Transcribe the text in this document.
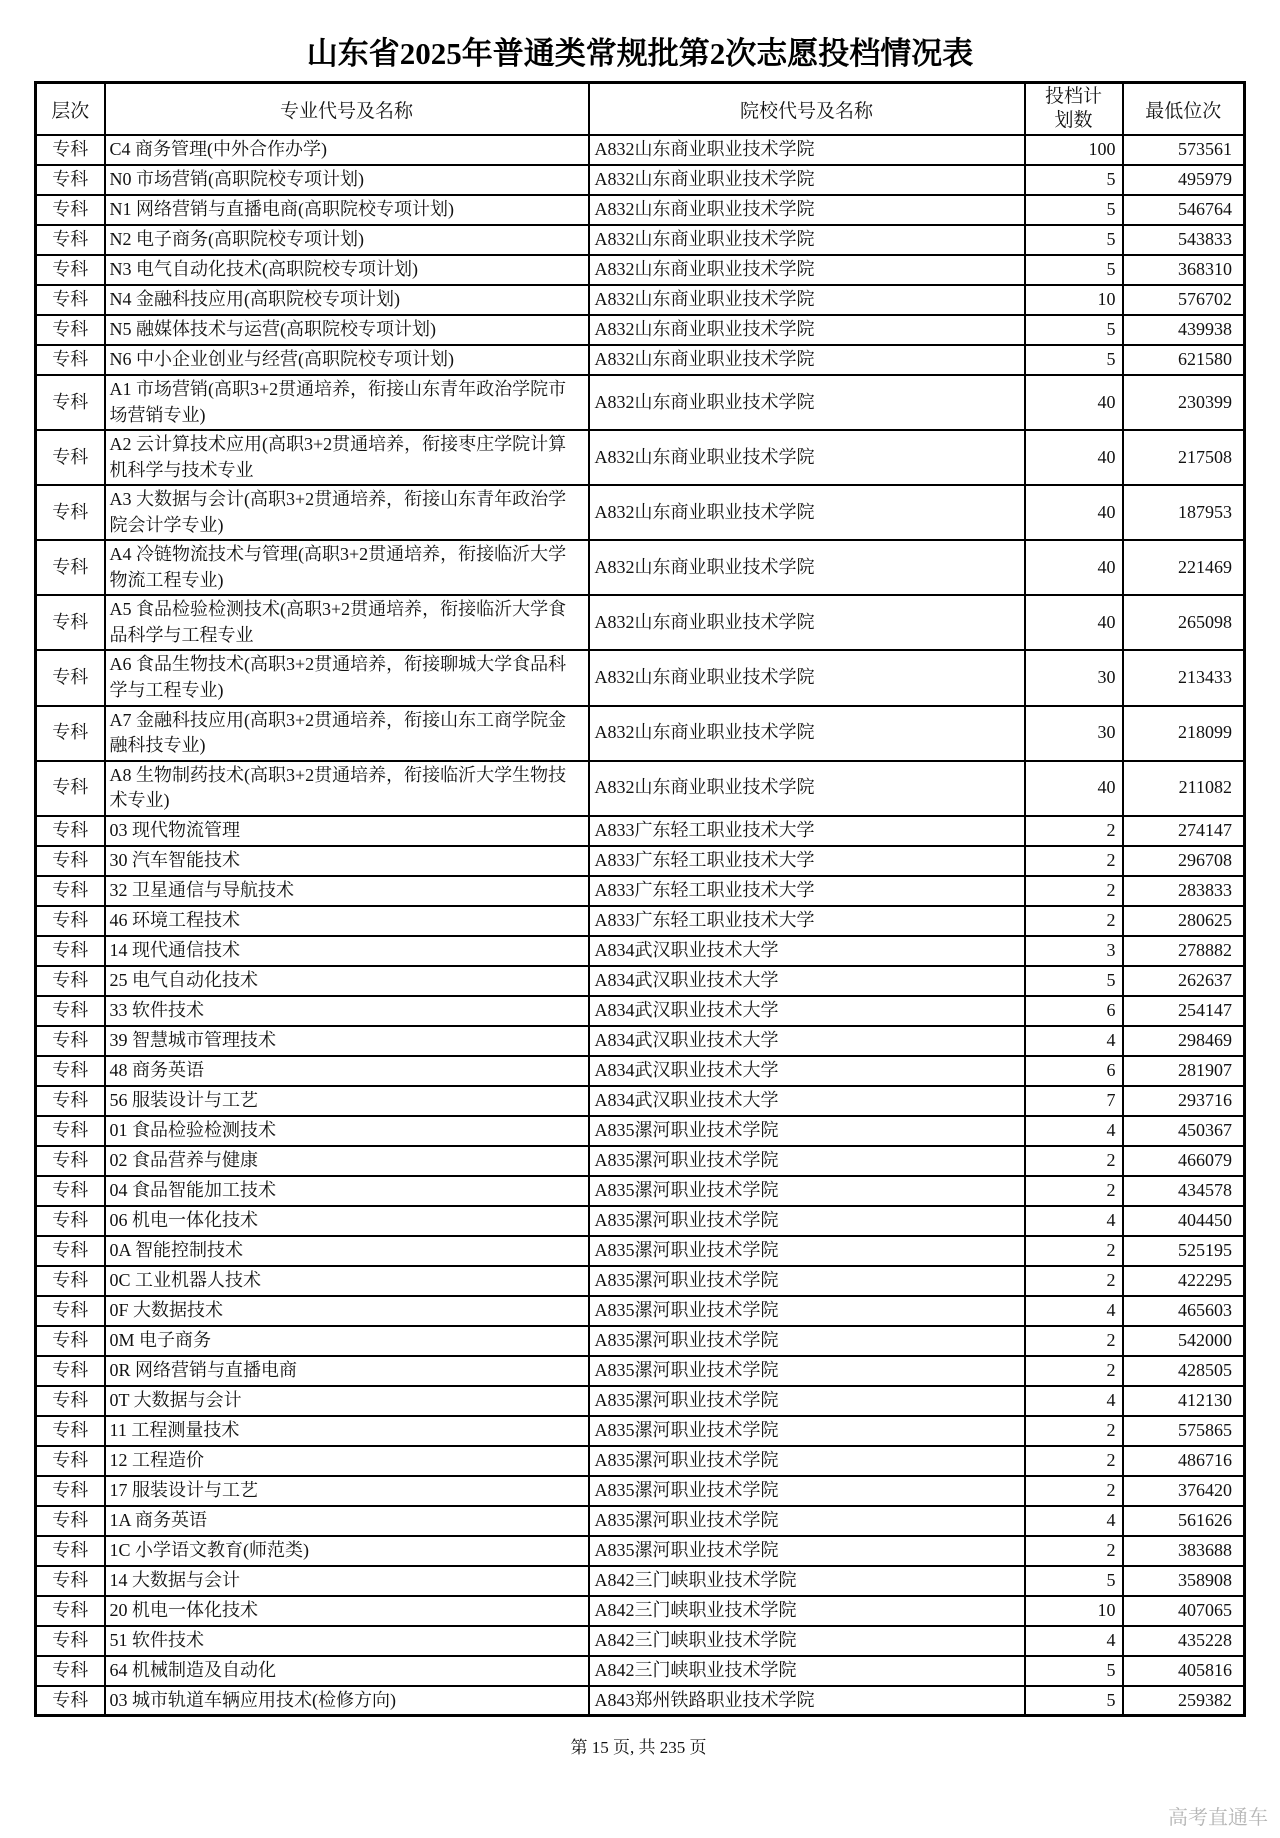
山东省2025年普通类常规批第2次志愿投档情况表
层次	专业代号及名称	院校代号及名称	投档计划数	最低位次
专科	C4 商务管理(中外合作办学)	A832山东商业职业技术学院	100	573561
专科	N0 市场营销(高职院校专项计划)	A832山东商业职业技术学院	5	495979
专科	N1 网络营销与直播电商(高职院校专项计划)	A832山东商业职业技术学院	5	546764
专科	N2 电子商务(高职院校专项计划)	A832山东商业职业技术学院	5	543833
专科	N3 电气自动化技术(高职院校专项计划)	A832山东商业职业技术学院	5	368310
专科	N4 金融科技应用(高职院校专项计划)	A832山东商业职业技术学院	10	576702
专科	N5 融媒体技术与运营(高职院校专项计划)	A832山东商业职业技术学院	5	439938
专科	N6 中小企业创业与经营(高职院校专项计划)	A832山东商业职业技术学院	5	621580
专科	A1 市场营销(高职3+2贯通培养，衔接山东青年政治学院市场营销专业)	A832山东商业职业技术学院	40	230399
专科	A2 云计算技术应用(高职3+2贯通培养，衔接枣庄学院计算机科学与技术专业	A832山东商业职业技术学院	40	217508
专科	A3 大数据与会计(高职3+2贯通培养，衔接山东青年政治学院会计学专业)	A832山东商业职业技术学院	40	187953
专科	A4 冷链物流技术与管理(高职3+2贯通培养，衔接临沂大学物流工程专业)	A832山东商业职业技术学院	40	221469
专科	A5 食品检验检测技术(高职3+2贯通培养，衔接临沂大学食品科学与工程专业	A832山东商业职业技术学院	40	265098
专科	A6 食品生物技术(高职3+2贯通培养，衔接聊城大学食品科学与工程专业)	A832山东商业职业技术学院	30	213433
专科	A7 金融科技应用(高职3+2贯通培养，衔接山东工商学院金融科技专业)	A832山东商业职业技术学院	30	218099
专科	A8 生物制药技术(高职3+2贯通培养，衔接临沂大学生物技术专业)	A832山东商业职业技术学院	40	211082
专科	03 现代物流管理	A833广东轻工职业技术大学	2	274147
专科	30 汽车智能技术	A833广东轻工职业技术大学	2	296708
专科	32 卫星通信与导航技术	A833广东轻工职业技术大学	2	283833
专科	46 环境工程技术	A833广东轻工职业技术大学	2	280625
专科	14 现代通信技术	A834武汉职业技术大学	3	278882
专科	25 电气自动化技术	A834武汉职业技术大学	5	262637
专科	33 软件技术	A834武汉职业技术大学	6	254147
专科	39 智慧城市管理技术	A834武汉职业技术大学	4	298469
专科	48 商务英语	A834武汉职业技术大学	6	281907
专科	56 服装设计与工艺	A834武汉职业技术大学	7	293716
专科	01 食品检验检测技术	A835漯河职业技术学院	4	450367
专科	02 食品营养与健康	A835漯河职业技术学院	2	466079
专科	04 食品智能加工技术	A835漯河职业技术学院	2	434578
专科	06 机电一体化技术	A835漯河职业技术学院	4	404450
专科	0A 智能控制技术	A835漯河职业技术学院	2	525195
专科	0C 工业机器人技术	A835漯河职业技术学院	2	422295
专科	0F 大数据技术	A835漯河职业技术学院	4	465603
专科	0M 电子商务	A835漯河职业技术学院	2	542000
专科	0R 网络营销与直播电商	A835漯河职业技术学院	2	428505
专科	0T 大数据与会计	A835漯河职业技术学院	4	412130
专科	11 工程测量技术	A835漯河职业技术学院	2	575865
专科	12 工程造价	A835漯河职业技术学院	2	486716
专科	17 服装设计与工艺	A835漯河职业技术学院	2	376420
专科	1A 商务英语	A835漯河职业技术学院	4	561626
专科	1C 小学语文教育(师范类)	A835漯河职业技术学院	2	383688
专科	14 大数据与会计	A842三门峡职业技术学院	5	358908
专科	20 机电一体化技术	A842三门峡职业技术学院	10	407065
专科	51 软件技术	A842三门峡职业技术学院	4	435228
专科	64 机械制造及自动化	A842三门峡职业技术学院	5	405816
专科	03 城市轨道车辆应用技术(检修方向)	A843郑州铁路职业技术学院	5	259382
第 15 页, 共 235 页
高考直通车
